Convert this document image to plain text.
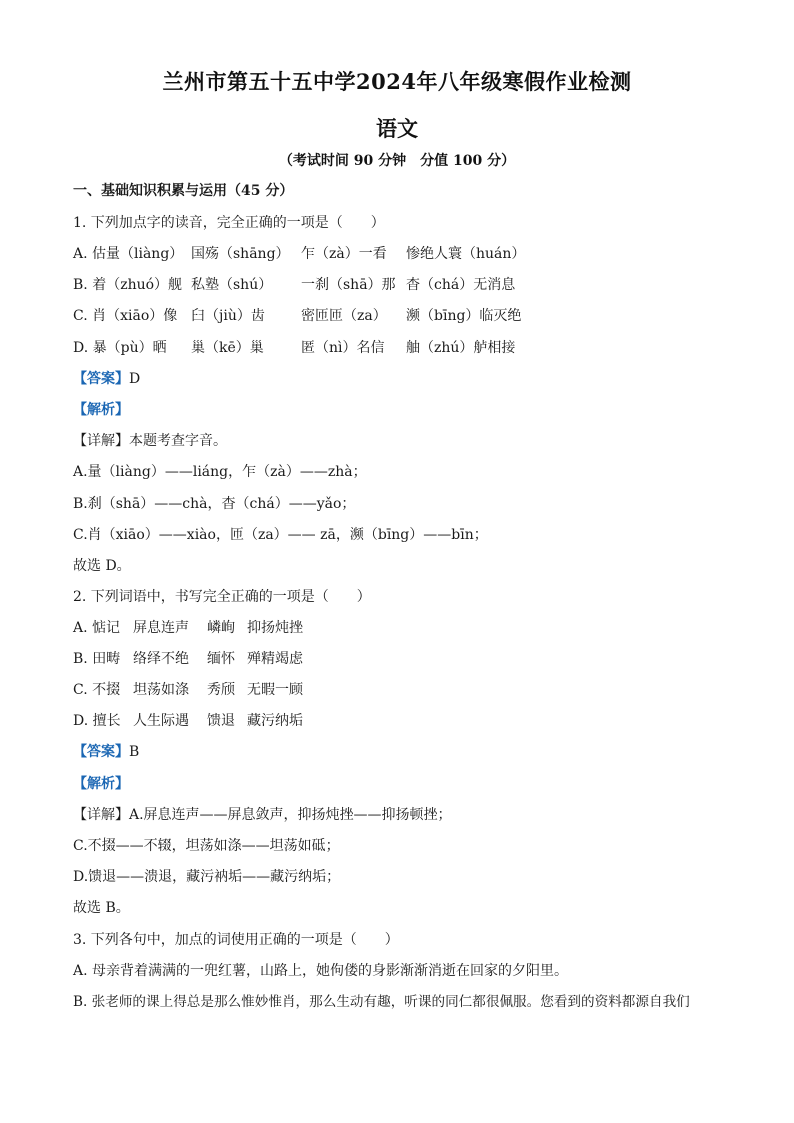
兰州市第五十五中学2024年八年级寒假作业检测
语文
（考试时间 90 分钟　分值 100 分）
一、基础知识积累与运用（45 分）
1. 下列加点字的读音，完全正确的一项是（　　）
A. 估量（liàng） 国殇（shāng） 乍（zà）一看 惨绝人寰（huán）
B. 着（zhuó）舰 私塾（shú） 一刹（shā）那 杳（chá）无消息
C. 肖（xiāo）像 臼（jiù）齿	密匝匝（za） 濒（bīng）临灭绝
D. 暴（pù）晒 巢（kē）巢	匿（nì）名信 舳（zhú）舻相接
【答案】D
【解析】
【详解】本题考查字音。
A.量（liàng）——liáng，乍（zà）——zhà；
B.刹（shā）——chà，杳（chá）——yǎo；
C.肖（xiāo）——xiào，匝（za）—— zā，濒（bīng）——bīn；
故选 D。
2. 下列词语中，书写完全正确的一项是（　　）
A. 惦记 屏息连声 嶙峋 抑扬炖挫
B. 田畴 络绎不绝 缅怀 殚精竭虑
C. 不掇 坦荡如涤 秀颀 无暇一顾
D. 擅长 人生际遇 馈退 藏污纳垢
【答案】B
【解析】
【详解】A.屏息连声——屏息敛声，抑扬炖挫——抑扬顿挫；
C.不掇——不辍，坦荡如涤——坦荡如砥；
D.馈退——溃退，藏污衲垢——藏污纳垢；
故选 B。
3. 下列各句中，加点的词使用正确的一项是（　　）
A. 母亲背着满满的一兜红薯，山路上，她佝偻的身影渐渐消逝在回家的夕阳里。
B. 张老师的课上得总是那么惟妙惟肖，那么生动有趣，听课的同仁都很佩服。您看到的资料都源自我们
